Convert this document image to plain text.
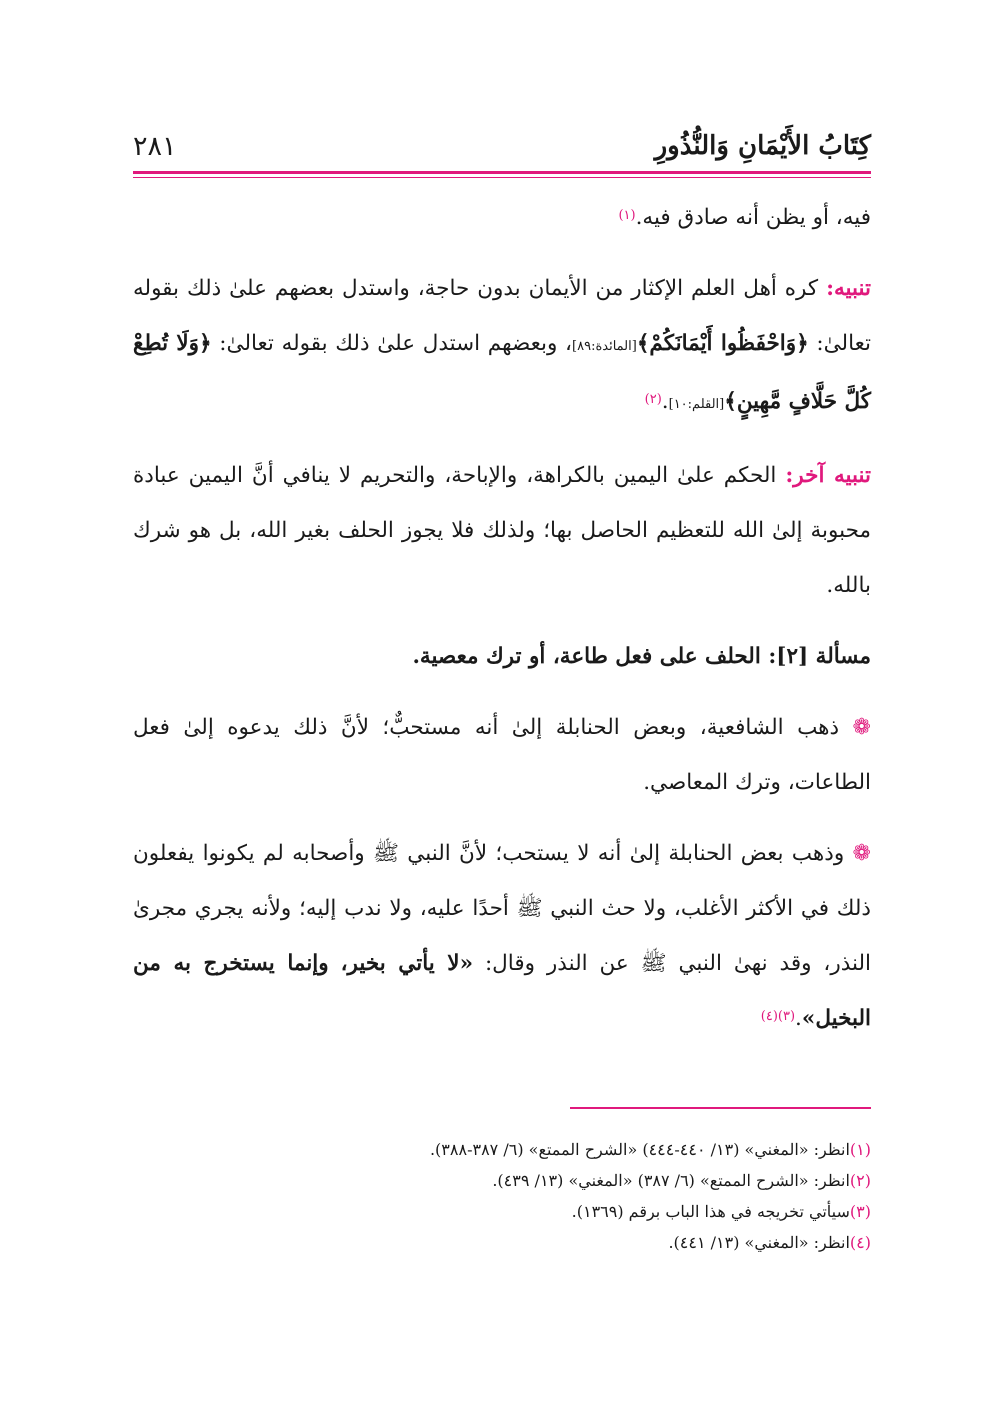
كِتَابُ الأَيْمَانِ وَالنُّذُورِ
٢٨١

فيه، أو يظن أنه صادق فيه.$^{(١)}$

تنبيه: كره أهل العلم الإكثار من الأيمان بدون حاجة، واستدل بعضهم علىٰ ذلك بقوله تعالىٰ: ﴿وَاحْفَظُوا أَيْمَانَكُمْ﴾[المائدة:٨٩]، وبعضهم استدل علىٰ ذلك بقوله تعالىٰ: ﴿وَلَا تُطِعْ كُلَّ حَلَّافٍ مَّهِينٍ﴾[القلم:١٠].$^{(٢)}$

تنبيه آخر: الحكم علىٰ اليمين بالكراهة، والإباحة، والتحريم لا ينافي أنَّ اليمين عبادة محبوبة إلىٰ الله للتعظيم الحاصل بها؛ ولذلك فلا يجوز الحلف بغير الله، بل هو شرك بالله.

مسألة [٢]: الحلف على فعل طاعة، أو ترك معصية.

❁ ذهب الشافعية، وبعض الحنابلة إلىٰ أنه مستحبٌّ؛ لأنَّ ذلك يدعوه إلىٰ فعل الطاعات، وترك المعاصي.

❁ وذهب بعض الحنابلة إلىٰ أنه لا يستحب؛ لأنَّ النبي ﷺ وأصحابه لم يكونوا يفعلون ذلك في الأكثر الأغلب، ولا حث النبي ﷺ أحدًا عليه، ولا ندب إليه؛ ولأنه يجري مجرىٰ النذر، وقد نهىٰ النبي ﷺ عن النذر وقال: «لا يأتي بخير، وإنما يستخرج به من البخيل».$^{(٣)(٤)}$

(١)انظر: «المغني» (١٣/ ٤٤٠-٤٤٤) «الشرح الممتع» (٦/ ٣٨٧-٣٨٨).
(٢)انظر: «الشرح الممتع» (٦/ ٣٨٧) «المغني» (١٣/ ٤٣٩).
(٣)سيأتي تخريجه في هذا الباب برقم (١٣٦٩).
(٤)انظر: «المغني» (١٣/ ٤٤١).
